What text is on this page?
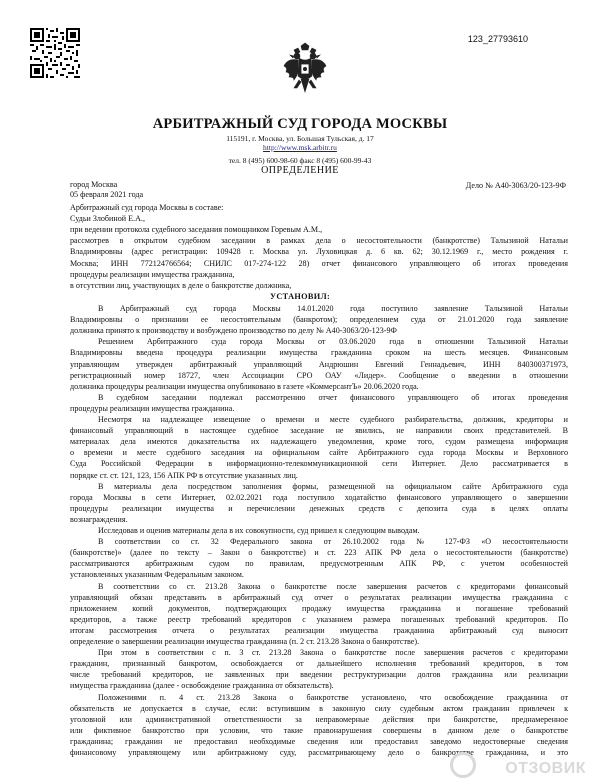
123_27793610
АРБИТРАЖНЫЙ СУД ГОРОДА МОСКВЫ
115191, г. Москва, ул. Большая Тульская, д. 17
http://www.msk.arbitr.ru
тел. 8 (495) 600-98-60 факс 8 (495) 600-99-43
ОПРЕДЕЛЕНИЕ
город Москва
05 февраля 2021 года
Дело № А40-3063/20-123-9Ф
Арбитражный суд города Москвы в составе:
Судьи Злобиной Е.А.,
при ведении протокола судебного заседания помощником Горевым А.М.,
рассмотрев в открытом судебном заседании в рамках дела о несостоятельности (банкротстве) Талызиной Натальи
Владимировны (адрес регистрации: 109428 г. Москва ул. Луховицкая д. 6 кв. 62; 30.12.1969 г., место рождения г.
Москва; ИНН 772124766564; СНИЛС 017-274-122 28) отчет финансового управляющего об итогах проведения
процедуры реализации имущества гражданина,
в отсутствии лиц, участвующих в деле о банкротстве должника,
УСТАНОВИЛ:
В Арбитражный суд города Москвы 14.01.2020 года поступило заявление Талызиной Натальи
Владимировны о признании ее несостоятельным (банкротом); определением суда от 21.01.2020 года заявление
должника принято к производству и возбуждено производство по делу № А40-3063/20-123-9Ф
Решением Арбитражного суда города Москвы от 03.06.2020 года в отношении Талызиной Натальи
Владимировны введена процедура реализации имущества гражданина сроком на шесть месяцев. Финансовым
управляющим утвержден арбитражный управляющий Андрюшин Евгений Геннадьевич, ИНН 840300371973,
регистрационный номер 18727, член Ассоциации СРО ОАУ «Лидер». Сообщение о введении в отношении
должника процедуры реализации имущества опубликовано в газете «КоммерсантЪ» 20.06.2020 года.
В судебном заседании подлежал рассмотрению отчет финансового управляющего об итогах проведения
процедуры реализации имущества гражданина.
Несмотря на надлежащее извещение о времени и месте судебного разбирательства, должник, кредиторы и
финансовый управляющий в настоящее судебное заседание не явились, не направили своих представителей. В
материалах дела имеются доказательства их надлежащего уведомления, кроме того, судом размещена информация
о времени и месте судебного заседания на официальном сайте Арбитражного суда города Москвы и Верховного
Суда Российской Федерации в информационно-телекоммуникационной сети Интернет. Дело рассматривается в
порядке ст. ст. 121, 123, 156 АПК РФ в отсутствие указанных лиц.
В материалы дела посредством заполнения формы, размещенной на официальном сайте Арбитражного суда
города Москвы в сети Интернет, 02.02.2021 года поступило ходатайство финансового управляющего о завершении
процедуры реализации имущества и перечислении денежных средств с депозита суда в целях оплаты
вознаграждения.
Исследовав и оценив материалы дела в их совокупности, суд пришел к следующим выводам.
В соответствии со ст. 32 Федерального закона от 26.10.2002 года № 127-ФЗ «О несостоятельности
(банкротстве)» (далее по тексту – Закон о банкротстве) и ст. 223 АПК РФ дела о несостоятельности (банкротстве)
рассматриваются арбитражным судом по правилам, предусмотренным АПК РФ, с учетом особенностей
установленных указанным Федеральным законом.
В соответствии со ст. 213.28 Закона о банкротстве после завершения расчетов с кредиторами финансовый
управляющий обязан представить в арбитражный суд отчет о результатах реализации имущества гражданина с
приложением копий документов, подтверждающих продажу имущества гражданина и погашение требований
кредиторов, а также реестр требований кредиторов с указанием размера погашенных требований кредиторов. По
итогам рассмотрения отчета о результатах реализации имущества гражданина арбитражный суд выносит
определение о завершении реализации имущества гражданина (п. 2 ст. 213.28 Закона о банкротстве).
При этом в соответствии с п. 3 ст. 213.28 Закона о банкротстве после завершения расчетов с кредиторами
гражданин, признанный банкротом, освобождается от дальнейшего исполнения требований кредиторов, в том
числе требований кредиторов, не заявленных при введении реструктуризации долгов гражданина или реализации
имущества гражданина (далее - освобождение гражданина от обязательств).
Положениями п. 4 ст. 213.28 Закона о банкротстве установлено, что освобождение гражданина от
обязательств не допускается в случае, если: вступившим в законную силу судебным актом гражданин привлечен к
уголовной или административной ответственности за неправомерные действия при банкротстве, преднамеренное
или фиктивное банкротство при условии, что такие правонарушения совершены в данном деле о банкротстве
гражданина; гражданин не предоставил необходимые сведения или предоставил заведомо недостоверные сведения
финансовому управляющему или арбитражному суду, рассматривающему дело о банкротстве гражданина, и это
ОТЗОВИК
